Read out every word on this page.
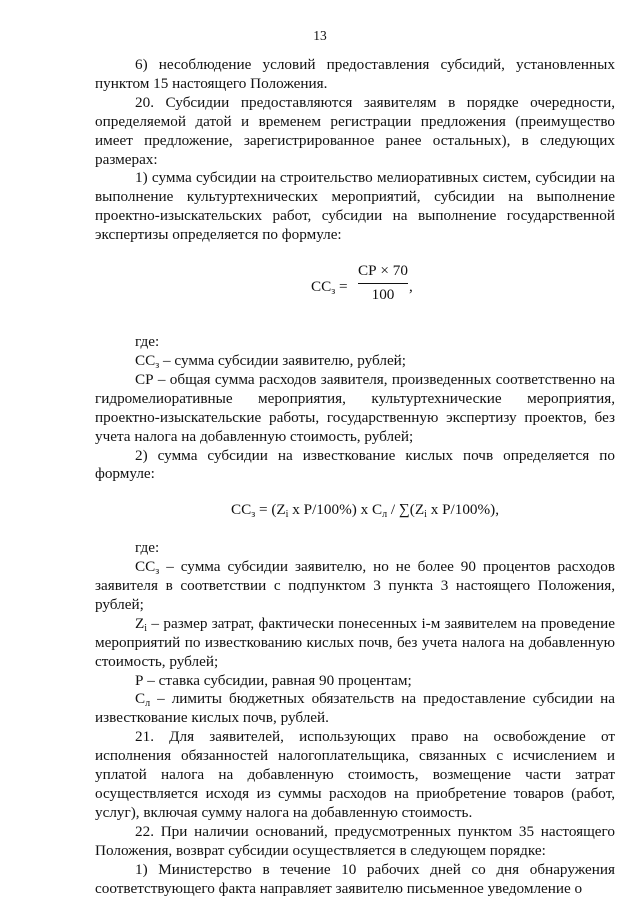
13

6) несоблюдение условий предоставления субсидий, установленных пунктом 15 настоящего Положения.

20. Субсидии предоставляются заявителям в порядке очередности, определяемой датой и временем регистрации предложения (преимущество имеет предложение, зарегистрированное ранее остальных), в следующих размерах:

1) сумма субсидии на строительство мелиоративных систем, субсидии на выполнение культуртехнических мероприятий, субсидии на выполнение проектно-изыскательских работ, субсидии на выполнение государственной экспертизы определяется по формуле:

$СС_з$ =
СР × 70
100 ,

где:

$СС_з$ – сумма субсидии заявителю, рублей;

СР – общая сумма расходов заявителя, произведенных соответственно на гидромелиоративные мероприятия, культуртехнические мероприятия, проектно-изыскательские работы, государственную экспертизу проектов, без учета налога на добавленную стоимость, рублей;

2) сумма субсидии на известкование кислых почв определяется по формуле:

$СС_з = (Z_i$ x Р/100%) x $С_л / \sum(Z_i$ x Р/100%),

где:

$СС_з$ – сумма субсидии заявителю, но не более 90 процентов расходов заявителя в соответствии с подпунктом 3 пункта 3 настоящего Положения, рублей;

$Z_i$ – размер затрат, фактически понесенных i-м заявителем на проведение мероприятий по известкованию кислых почв, без учета налога на добавленную стоимость, рублей;

Р – ставка субсидии, равная 90 процентам;

$С_л$ – лимиты бюджетных обязательств на предоставление субсидии на известкование кислых почв, рублей.

21. Для заявителей, использующих право на освобождение от исполнения обязанностей налогоплательщика, связанных с исчислением и уплатой налога на добавленную стоимость, возмещение части затрат осуществляется исходя из суммы расходов на приобретение товаров (работ, услуг), включая сумму налога на добавленную стоимость.

22. При наличии оснований, предусмотренных пунктом 35 настоящего Положения, возврат субсидии осуществляется в следующем порядке:

1) Министерство в течение 10 рабочих дней со дня обнаружения соответствующего факта направляет заявителю письменное уведомление о
